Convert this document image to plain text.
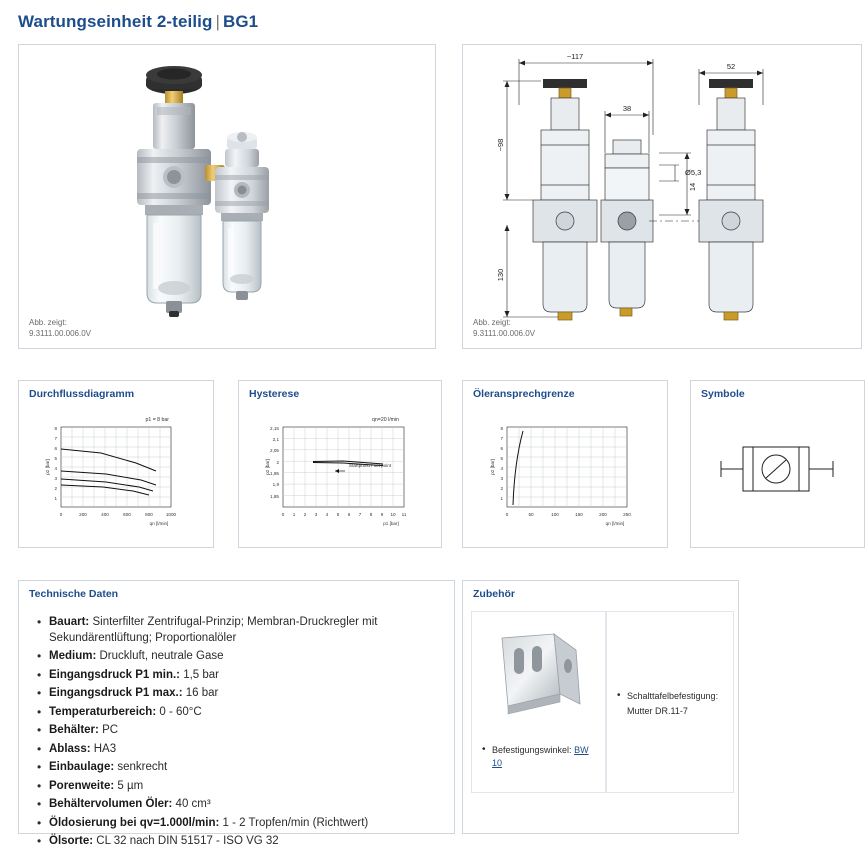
Wartungseinheit 2-teilig | BG1
Abb. zeigt:
9.3111.00.006.0V
~117
38
52
~98
130
Ø5,3
14
Abb. zeigt:
9.3111.00.006.0V
Durchflussdiagramm
p1 = 8 bar
8
7
6
5
4
3
2
1
0	200	400	600	800	1000
p2 [bar]
qn [l/min]
Hysterese
qn=20 l/min
Startpunkt / set point
2,15
2,1
2,05
2
1,95
1,9
1,85
0 1 2 3 4 5 6 7 8 9 10 11
p2 [bar]
p1 [bar]
Öleransprechgrenze
8
7
6
5
4
3
2
1
0	50	100	150	200	250
p2 [bar]
qn [l/min]
Symbole
Technische Daten
• Bauart: Sinterfilter Zentrifugal-Prinzip; Membran-Druckregler mit Sekundärentlüftung; Proportionalöler
• Medium: Druckluft, neutrale Gase
• Eingangsdruck P1 min.: 1,5 bar
• Eingangsdruck P1 max.: 16 bar
• Temperaturbereich: 0 - 60°C
• Behälter: PC
• Ablass: HA3
• Einbaulage: senkrecht
• Porenweite: 5 µm
• Behältervolumen Öler: 40 cm³
• Öldosierung bei qv=1.000l/min: 1 - 2 Tropfen/min (Richtwert)
• Ölsorte: CL 32 nach DIN 51517 - ISO VG 32
Zubehör
• Befestigungswinkel: BW 10
• Schalttafelbefestigung:
Mutter DR.11-7
